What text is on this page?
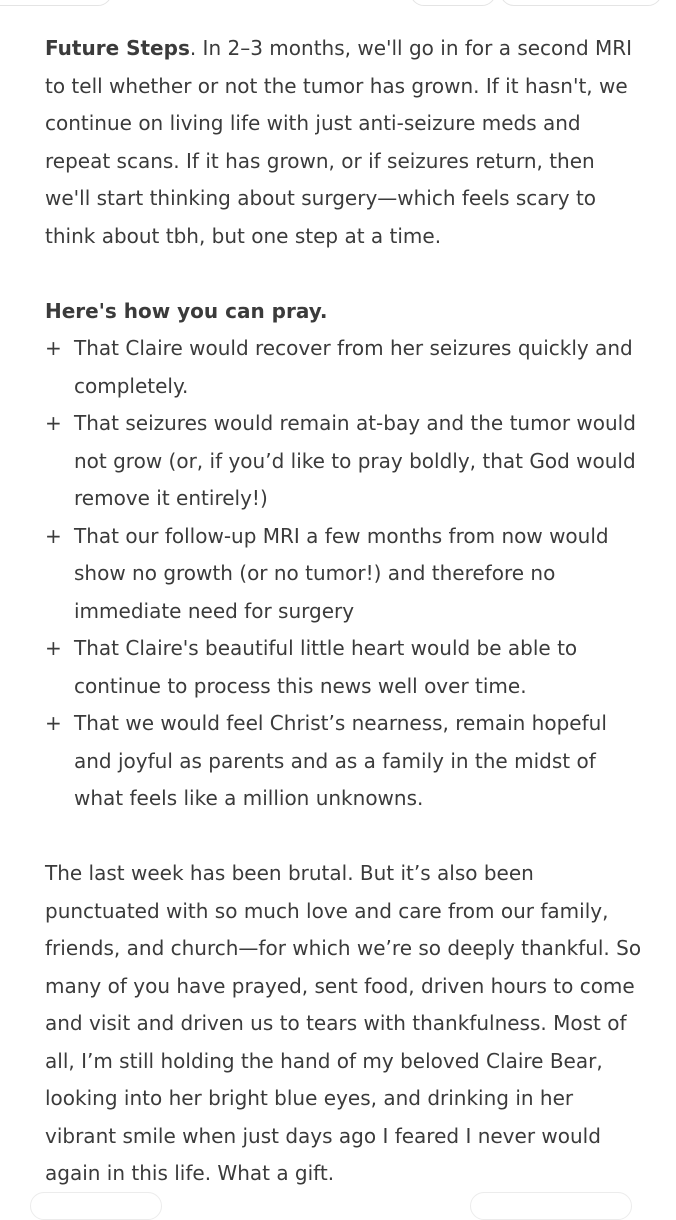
Future Steps. In 2–3 months, we'll go in for a second MRI to tell whether or not the tumor has grown. If it hasn't, we continue on living life with just anti-seizure meds and repeat scans. If it has grown, or if seizures return, then we'll start thinking about surgery—which feels scary to think about tbh, but one step at a time.

Here's how you can pray.

+ That Claire would recover from her seizures quickly and completely.
+ That seizures would remain at-bay and the tumor would not grow (or, if you’d like to pray boldly, that God would remove it entirely!)
+ That our follow-up MRI a few months from now would show no growth (or no tumor!) and therefore no immediate need for surgery
+ That Claire's beautiful little heart would be able to continue to process this news well over time.
+ That we would feel Christ’s nearness, remain hopeful and joyful as parents and as a family in the midst of what feels like a million unknowns.

The last week has been brutal. But it’s also been punctuated with so much love and care from our family, friends, and church—for which we’re so deeply thankful. So many of you have prayed, sent food, driven hours to come and visit and driven us to tears with thankfulness. Most of all, I’m still holding the hand of my beloved Claire Bear, looking into her bright blue eyes, and drinking in her vibrant smile when just days ago I feared I never would again in this life. What a gift.
